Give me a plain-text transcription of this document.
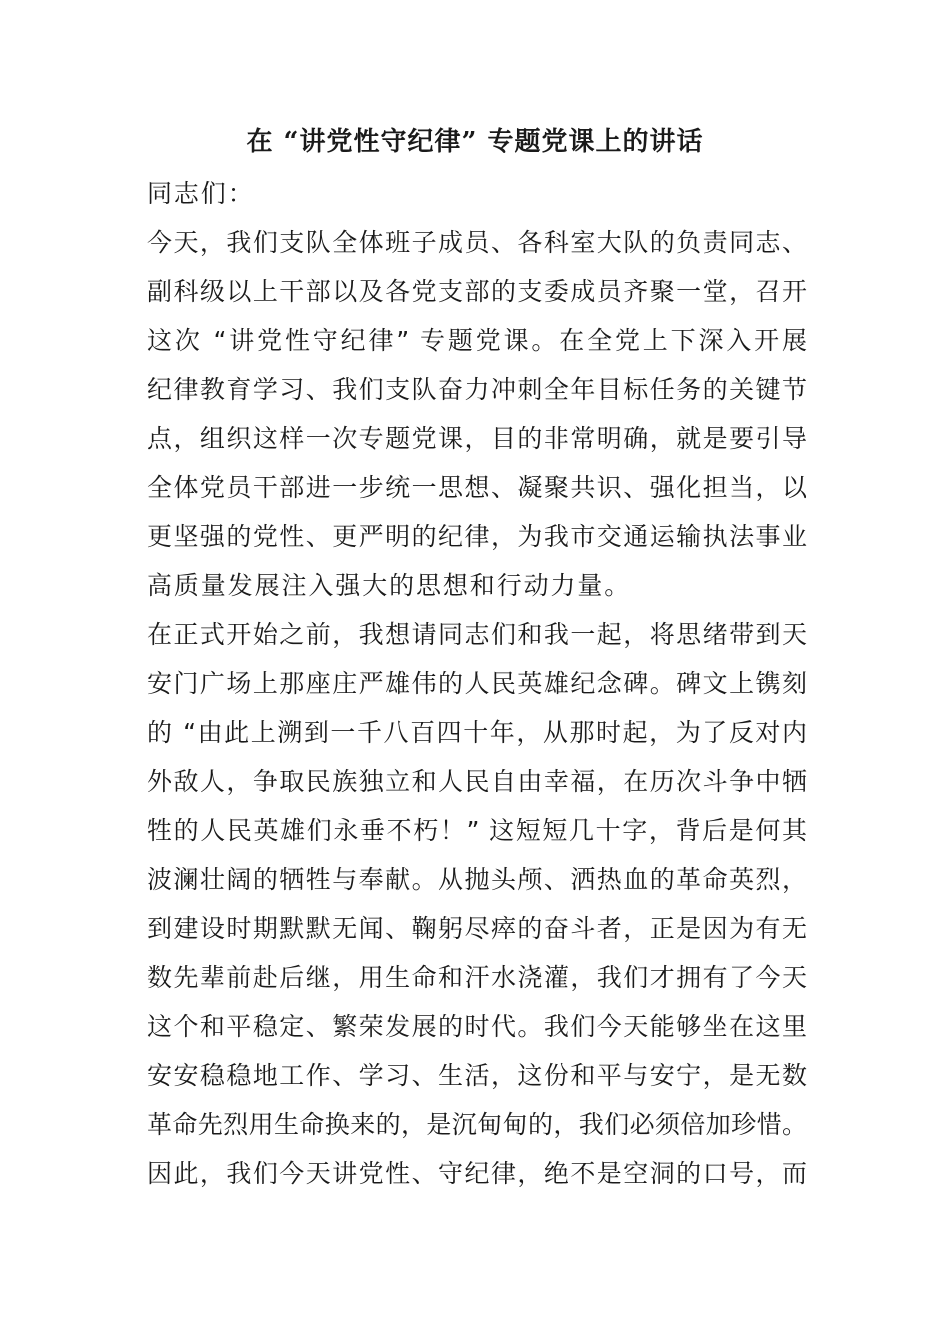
在 “讲党性守纪律” 专题党课上的讲话
同志们：
今天，我们支队全体班子成员、各科室大队的负责同志、
副科级以上干部以及各党支部的支委成员齐聚一堂，召开
这次 “讲党性守纪律” 专题党课。在全党上下深入开展
纪律教育学习、我们支队奋力冲刺全年目标任务的关键节
点，组织这样一次专题党课，目的非常明确，就是要引导
全体党员干部进一步统一思想、凝聚共识、强化担当，以
更坚强的党性、更严明的纪律，为我市交通运输执法事业
高质量发展注入强大的思想和行动力量。
在正式开始之前，我想请同志们和我一起，将思绪带到天
安门广场上那座庄严雄伟的人民英雄纪念碑。碑文上镌刻
的 “由此上溯到一千八百四十年，从那时起，为了反对内
外敌人，争取民族独立和人民自由幸福，在历次斗争中牺
牲的人民英雄们永垂不朽！” 这短短几十字，背后是何其
波澜壮阔的牺牲与奉献。从抛头颅、洒热血的革命英烈，
到建设时期默默无闻、鞠躬尽瘁的奋斗者，正是因为有无
数先辈前赴后继，用生命和汗水浇灌，我们才拥有了今天
这个和平稳定、繁荣发展的时代。我们今天能够坐在这里
安安稳稳地工作、学习、生活，这份和平与安宁，是无数
革命先烈用生命换来的，是沉甸甸的，我们必须倍加珍惜。
因此，我们今天讲党性、守纪律，绝不是空洞的口号，而
